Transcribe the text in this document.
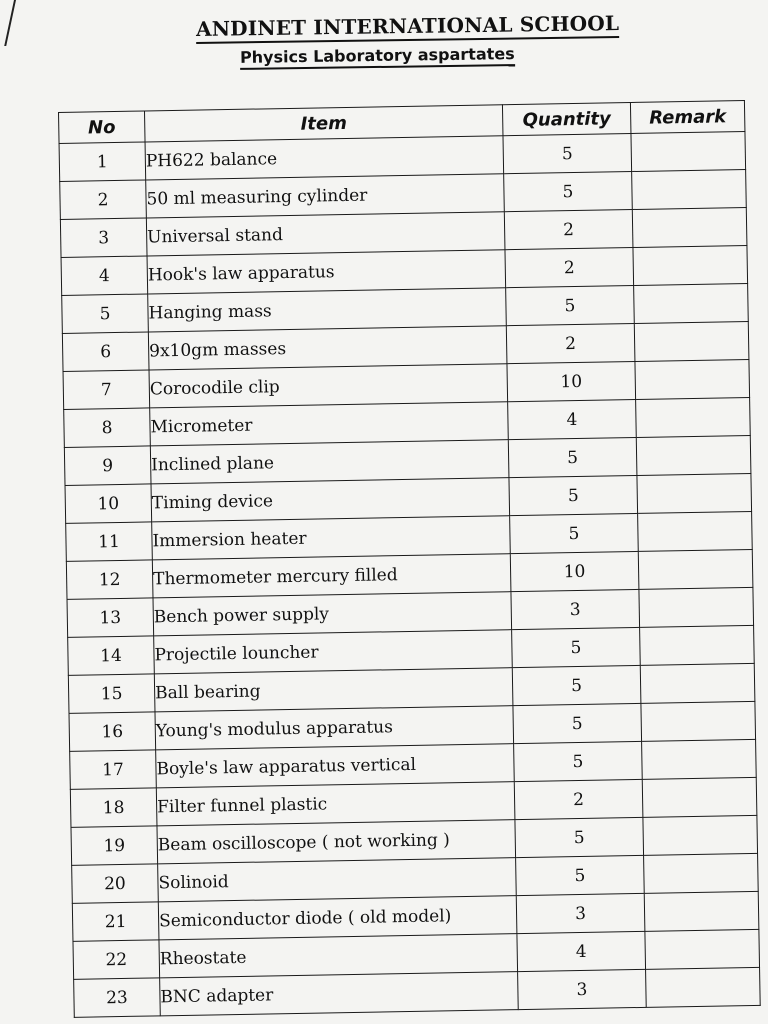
ANDINET INTERNATIONAL SCHOOL
Physics Laboratory aspartates
No	Item	Quantity	Remark
1	PH622 balance	5	
2	50 ml measuring cylinder	5	
3	Universal stand	2	
4	Hook's law apparatus	2	
5	Hanging mass	5	
6	9x10gm masses	2	
7	Corocodile clip	10	
8	Micrometer	4	
9	Inclined plane	5	
10	Timing device	5	
11	Immersion heater	5	
12	Thermometer mercury filled	10	
13	Bench power supply	3	
14	Projectile louncher	5	
15	Ball bearing	5	
16	Young's modulus apparatus	5	
17	Boyle's law apparatus vertical	5	
18	Filter funnel plastic	2	
19	Beam oscilloscope ( not working )	5	
20	Solinoid	5	
21	Semiconductor diode ( old model)	3	
22	Rheostate	4	
23	BNC adapter	3	
